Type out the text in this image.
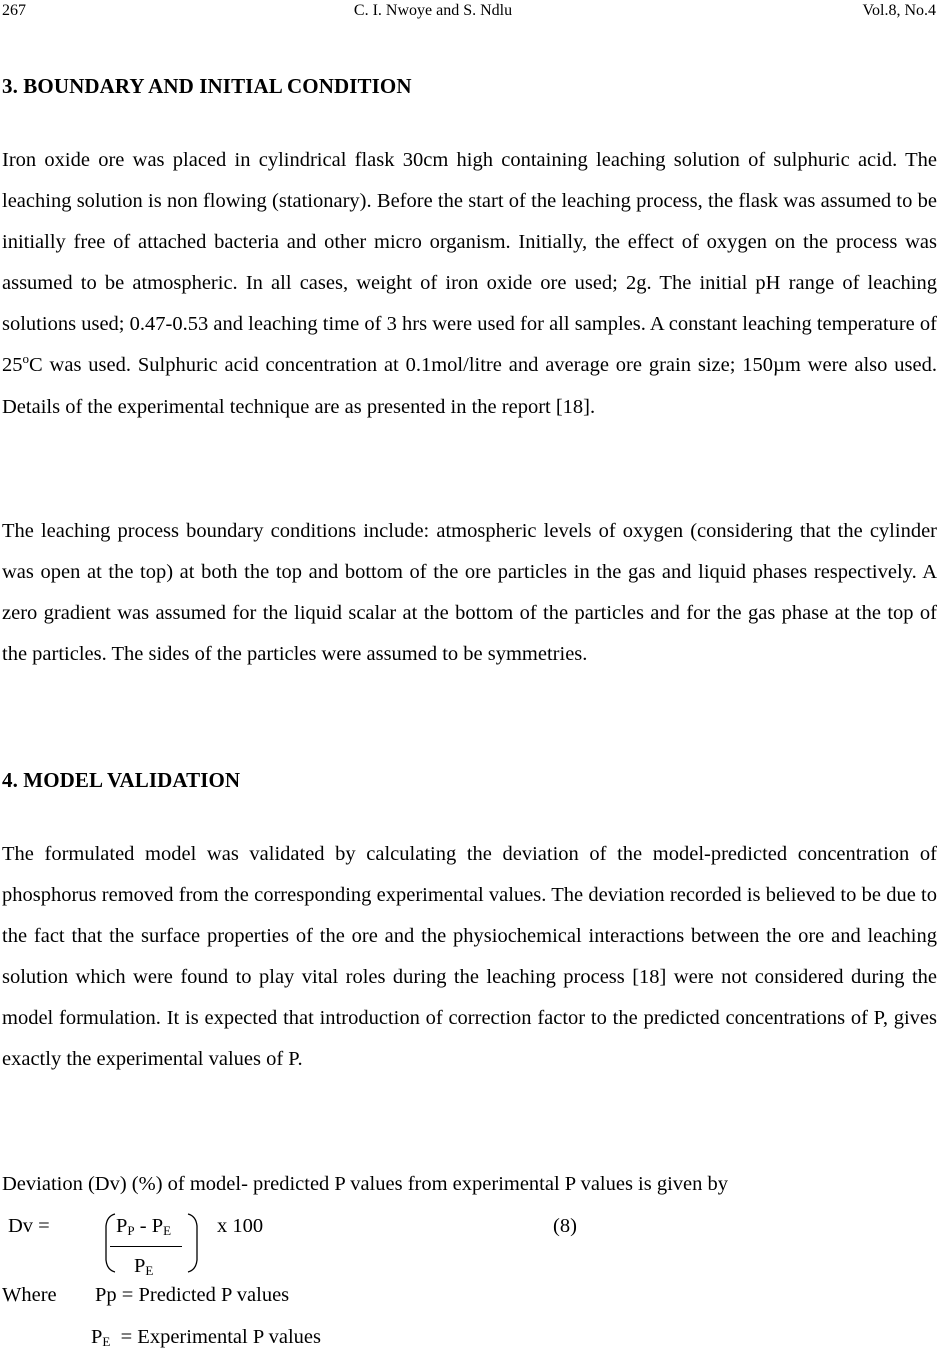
267	C. I. Nwoye and S. Ndlu	Vol.8, No.4
3. BOUNDARY AND INITIAL CONDITION
Iron oxide ore was placed in cylindrical flask 30cm high containing leaching solution of sulphuric acid. The leaching solution is non flowing (stationary). Before the start of the leaching process, the flask was assumed to be initially free of attached bacteria and other micro organism. Initially, the effect of oxygen on the process was assumed to be atmospheric. In all cases, weight of iron oxide ore used; 2g. The initial pH range of leaching solutions used; 0.47-0.53 and leaching time of 3 hrs were used for all samples. A constant leaching temperature of 25$^o$C was used. Sulphuric acid concentration at 0.1mol/litre and average ore grain size; 150µm were also used. Details of the experimental technique are as presented in the report [18].
The leaching process boundary conditions include: atmospheric levels of oxygen (considering that the cylinder was open at the top) at both the top and bottom of the ore particles in the gas and liquid phases respectively. A zero gradient was assumed for the liquid scalar at the bottom of the particles and for the gas phase at the top of the particles. The sides of the particles were assumed to be symmetries.
4. MODEL VALIDATION
The formulated model was validated by calculating the deviation of the model-predicted concentration of phosphorus removed from the corresponding experimental values. The deviation recorded is believed to be due to the fact that the surface properties of the ore and the physiochemical interactions between the ore and leaching solution which were found to play vital roles during the leaching process [18] were not considered during the model formulation. It is expected that introduction of correction factor to the predicted concentrations of P, gives exactly the experimental values of P.
Deviation (Dv) (%) of model- predicted P values from experimental P values is given by
Dv =	$P_P - P_E$
$P_E$
x 100	(8)
Where Pp = Predicted P values
$P_E$  = Experimental P values
